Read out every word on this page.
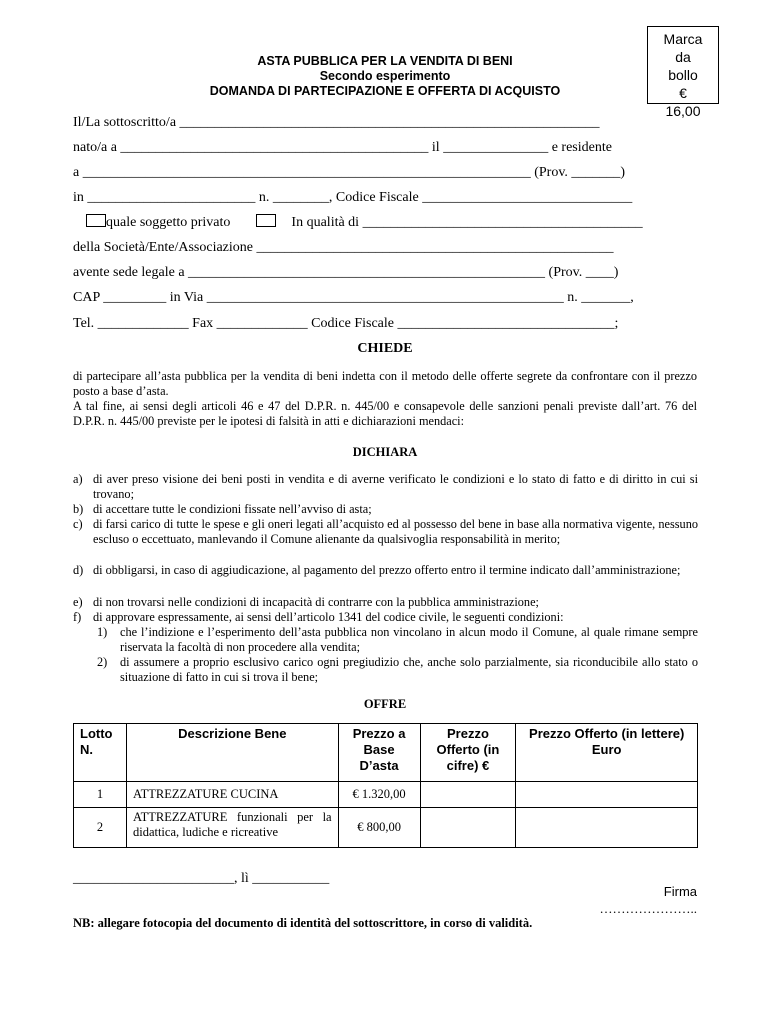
Marca
da
bollo
€
16,00
ASTA PUBBLICA PER LA VENDITA DI BENI
Secondo esperimento
DOMANDA DI PARTECIPAZIONE E OFFERTA DI ACQUISTO
Il/La sottoscritto/a ____________________________________________________________
nato/a a ____________________________________________ il _______________ e residente
a ________________________________________________________________ (Prov. _______)
in ________________________ n. ________, Codice Fiscale ______________________________
quale soggetto privato	In qualità di ________________________________________
della Società/Ente/Associazione ___________________________________________________
avente sede legale a ___________________________________________________ (Prov. ____)
CAP _________ in Via ___________________________________________________ n. _______,
Tel. _____________ Fax _____________ Codice Fiscale _______________________________;
CHIEDE
di partecipare all’asta pubblica per la vendita di beni indetta con il metodo delle offerte segrete da confrontare con il prezzo posto a base d’asta.
A tal fine, ai sensi degli articoli 46 e 47 del D.P.R. n. 445/00 e consapevole delle sanzioni penali previste dall’art. 76 del D.P.R. n. 445/00 previste per le ipotesi di falsità in atti e dichiarazioni mendaci:
DICHIARA
a) di aver preso visione dei beni posti in vendita e di averne verificato le condizioni e lo stato di fatto e di diritto in cui si trovano;
b) di accettare tutte le condizioni fissate nell’avviso di asta;
c) di farsi carico di tutte le spese e gli oneri legati all’acquisto ed al possesso del bene in base alla normativa vigente, nessuno escluso o eccettuato, manlevando il Comune alienante da qualsivoglia responsabilità in merito;
d) di obbligarsi, in caso di aggiudicazione, al pagamento del prezzo offerto entro il termine indicato dall’amministrazione;
e) di non trovarsi nelle condizioni di incapacità di contrarre con la pubblica amministrazione;
f) di approvare espressamente, ai sensi dell’articolo 1341 del codice civile, le seguenti condizioni:
1) che l’indizione e l’esperimento dell’asta pubblica non vincolano in alcun modo il Comune, al quale rimane sempre riservata la facoltà di non procedere alla vendita;
2) di assumere a proprio esclusivo carico ogni pregiudizio che, anche solo parzialmente, sia riconducibile allo stato o situazione di fatto in cui si trova il bene;
OFFRE
Lotto N.	Descrizione Bene	Prezzo a Base D’asta	Prezzo Offerto (in cifre) €	Prezzo Offerto (in lettere) Euro
1	ATTREZZATURE CUCINA	€ 1.320,00		
2	ATTREZZATURE funzionali per la didattica, ludiche e ricreative	€ 800,00		
_______________________, lì ___________
Firma
…………………..
NB: allegare fotocopia del documento di identità del sottoscrittore, in corso di validità.
